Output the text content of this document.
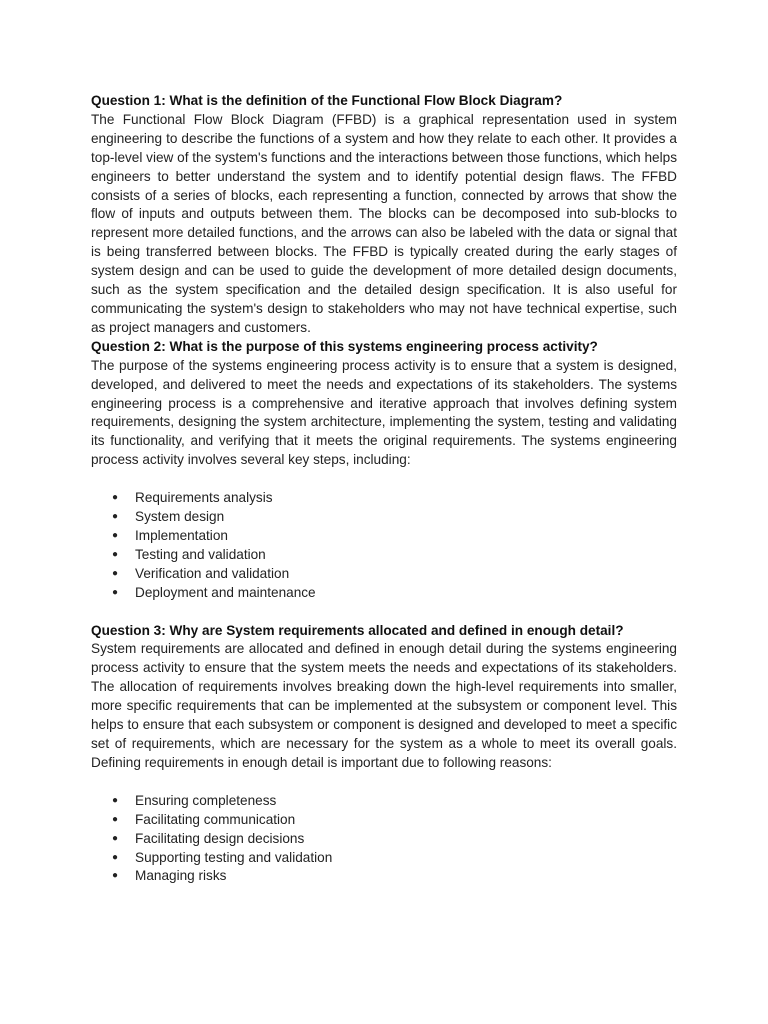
Question 1: What is the definition of the Functional Flow Block Diagram?

The Functional Flow Block Diagram (FFBD) is a graphical representation used in system engineering to describe the functions of a system and how they relate to each other. It provides a top-level view of the system's functions and the interactions between those functions, which helps engineers to better understand the system and to identify potential design flaws. The FFBD consists of a series of blocks, each representing a function, connected by arrows that show the flow of inputs and outputs between them. The blocks can be decomposed into sub-blocks to represent more detailed functions, and the arrows can also be labeled with the data or signal that is being transferred between blocks. The FFBD is typically created during the early stages of system design and can be used to guide the development of more detailed design documents, such as the system specification and the detailed design specification. It is also useful for communicating the system's design to stakeholders who may not have technical expertise, such as project managers and customers.

Question 2: What is the purpose of this systems engineering process activity?

The purpose of the systems engineering process activity is to ensure that a system is designed, developed, and delivered to meet the needs and expectations of its stakeholders. The systems engineering process is a comprehensive and iterative approach that involves defining system requirements, designing the system architecture, implementing the system, testing and validating its functionality, and verifying that it meets the original requirements. The systems engineering process activity involves several key steps, including:

● Requirements analysis
● System design
● Implementation
● Testing and validation
● Verification and validation
● Deployment and maintenance

Question 3: Why are System requirements allocated and defined in enough detail?

System requirements are allocated and defined in enough detail during the systems engineering process activity to ensure that the system meets the needs and expectations of its stakeholders. The allocation of requirements involves breaking down the high-level requirements into smaller, more specific requirements that can be implemented at the subsystem or component level. This helps to ensure that each subsystem or component is designed and developed to meet a specific set of requirements, which are necessary for the system as a whole to meet its overall goals. Defining requirements in enough detail is important due to following reasons:

● Ensuring completeness
● Facilitating communication
● Facilitating design decisions
● Supporting testing and validation
● Managing risks
